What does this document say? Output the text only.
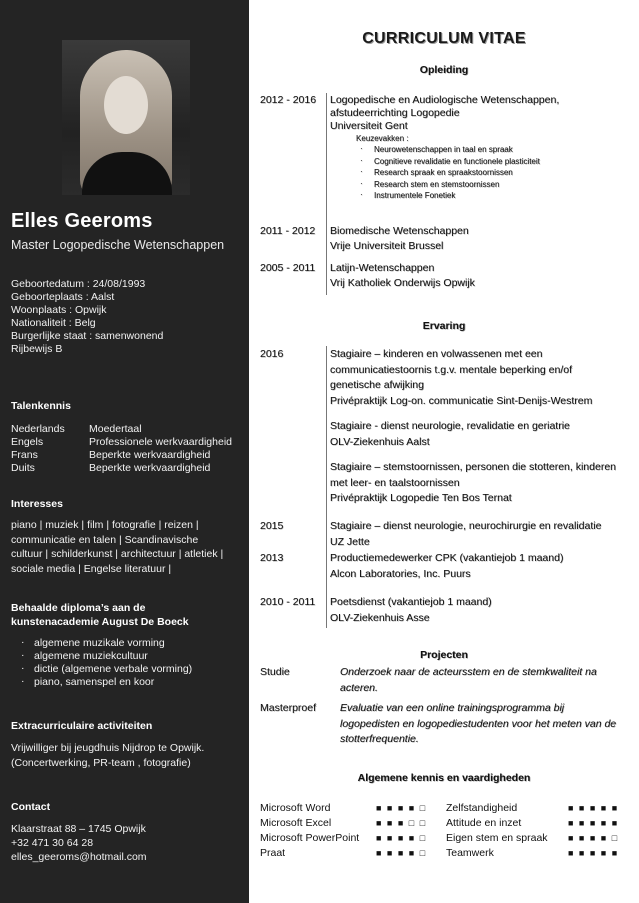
Elles Geeroms
Master Logopedische Wetenschappen
Geboortedatum : 24/08/1993
Geboorteplaats : Aalst
Woonplaats : Opwijk
Nationaliteit : Belg
Burgerlijke staat : samenwonend
Rijbewijs B
Talenkennis
Nederlands	Moedertaal
Engels	Professionele werkvaardigheid
Frans	Beperkte werkvaardigheid
Duits	Beperkte werkvaardigheid
Interesses
piano | muziek | film | fotografie | reizen |
communicatie en talen | Scandinavische
cultuur | schilderkunst | architectuur | atletiek |
sociale media | Engelse literatuur |
Behaalde diploma’s aan de
kunstenacademie August De Boeck
· algemene muzikale vorming
· algemene muziekcultuur
· dictie (algemene verbale vorming)
· piano, samenspel en koor
Extracurriculaire activiteiten
Vrijwilliger bij jeugdhuis Nijdrop te Opwijk.
(Concertwerking, PR-team , fotografie)
Contact
Klaarstraat 88 – 1745 Opwijk
+32 471 30 64 28
elles_geeroms@hotmail.com
CURRICULUM VITAE
Opleiding
2012 - 2016	Logopedische en Audiologische Wetenschappen,
afstudeerrichting Logopedie
Universiteit Gent
Keuzevakken :
· Neurowetenschappen in taal en spraak
· Cognitieve revalidatie en functionele plasticiteit
· Research spraak en spraakstoornissen
· Research stem en stemstoornissen
· Instrumentele Fonetiek
2011 - 2012	Biomedische Wetenschappen
Vrije Universiteit Brussel
2005 - 2011	Latijn-Wetenschappen
Vrij Katholiek Onderwijs Opwijk
Ervaring
2016	Stagiaire – kinderen en volwassenen met een
communicatiestoornis t.g.v. mentale beperking en/of
genetische afwijking
Privépraktijk Log-on. communicatie Sint-Denijs-Westrem
Stagiaire - dienst neurologie, revalidatie en geriatrie
OLV-Ziekenhuis Aalst
Stagiaire – stemstoornissen, personen die stotteren, kinderen
met leer- en taalstoornissen
Privépraktijk Logopedie Ten Bos Ternat
2015	Stagiaire – dienst neurologie, neurochirurgie en revalidatie
UZ Jette
2013	Productiemedewerker CPK (vakantiejob 1 maand)
Alcon Laboratories, Inc. Puurs
2010 - 2011	Poetsdienst (vakantiejob 1 maand)
OLV-Ziekenhuis Asse
Projecten
Studie	Onderzoek naar de acteursstem en de stemkwaliteit na
acteren.
Masterproef	Evaluatie van een online trainingsprogramma bij
logopedisten en logopediestudenten voor het meten van de
stotterfrequentie.
Algemene kennis en vaardigheden
Microsoft Word	■ ■ ■ ■ □	Zelfstandigheid	■ ■ ■ ■ ■
Microsoft Excel	■ ■ ■ □ □	Attitude en inzet	■ ■ ■ ■ ■
Microsoft PowerPoint	■ ■ ■ ■ □	Eigen stem en spraak	■ ■ ■ ■ □
Praat	■ ■ ■ ■ □	Teamwerk	■ ■ ■ ■ ■
